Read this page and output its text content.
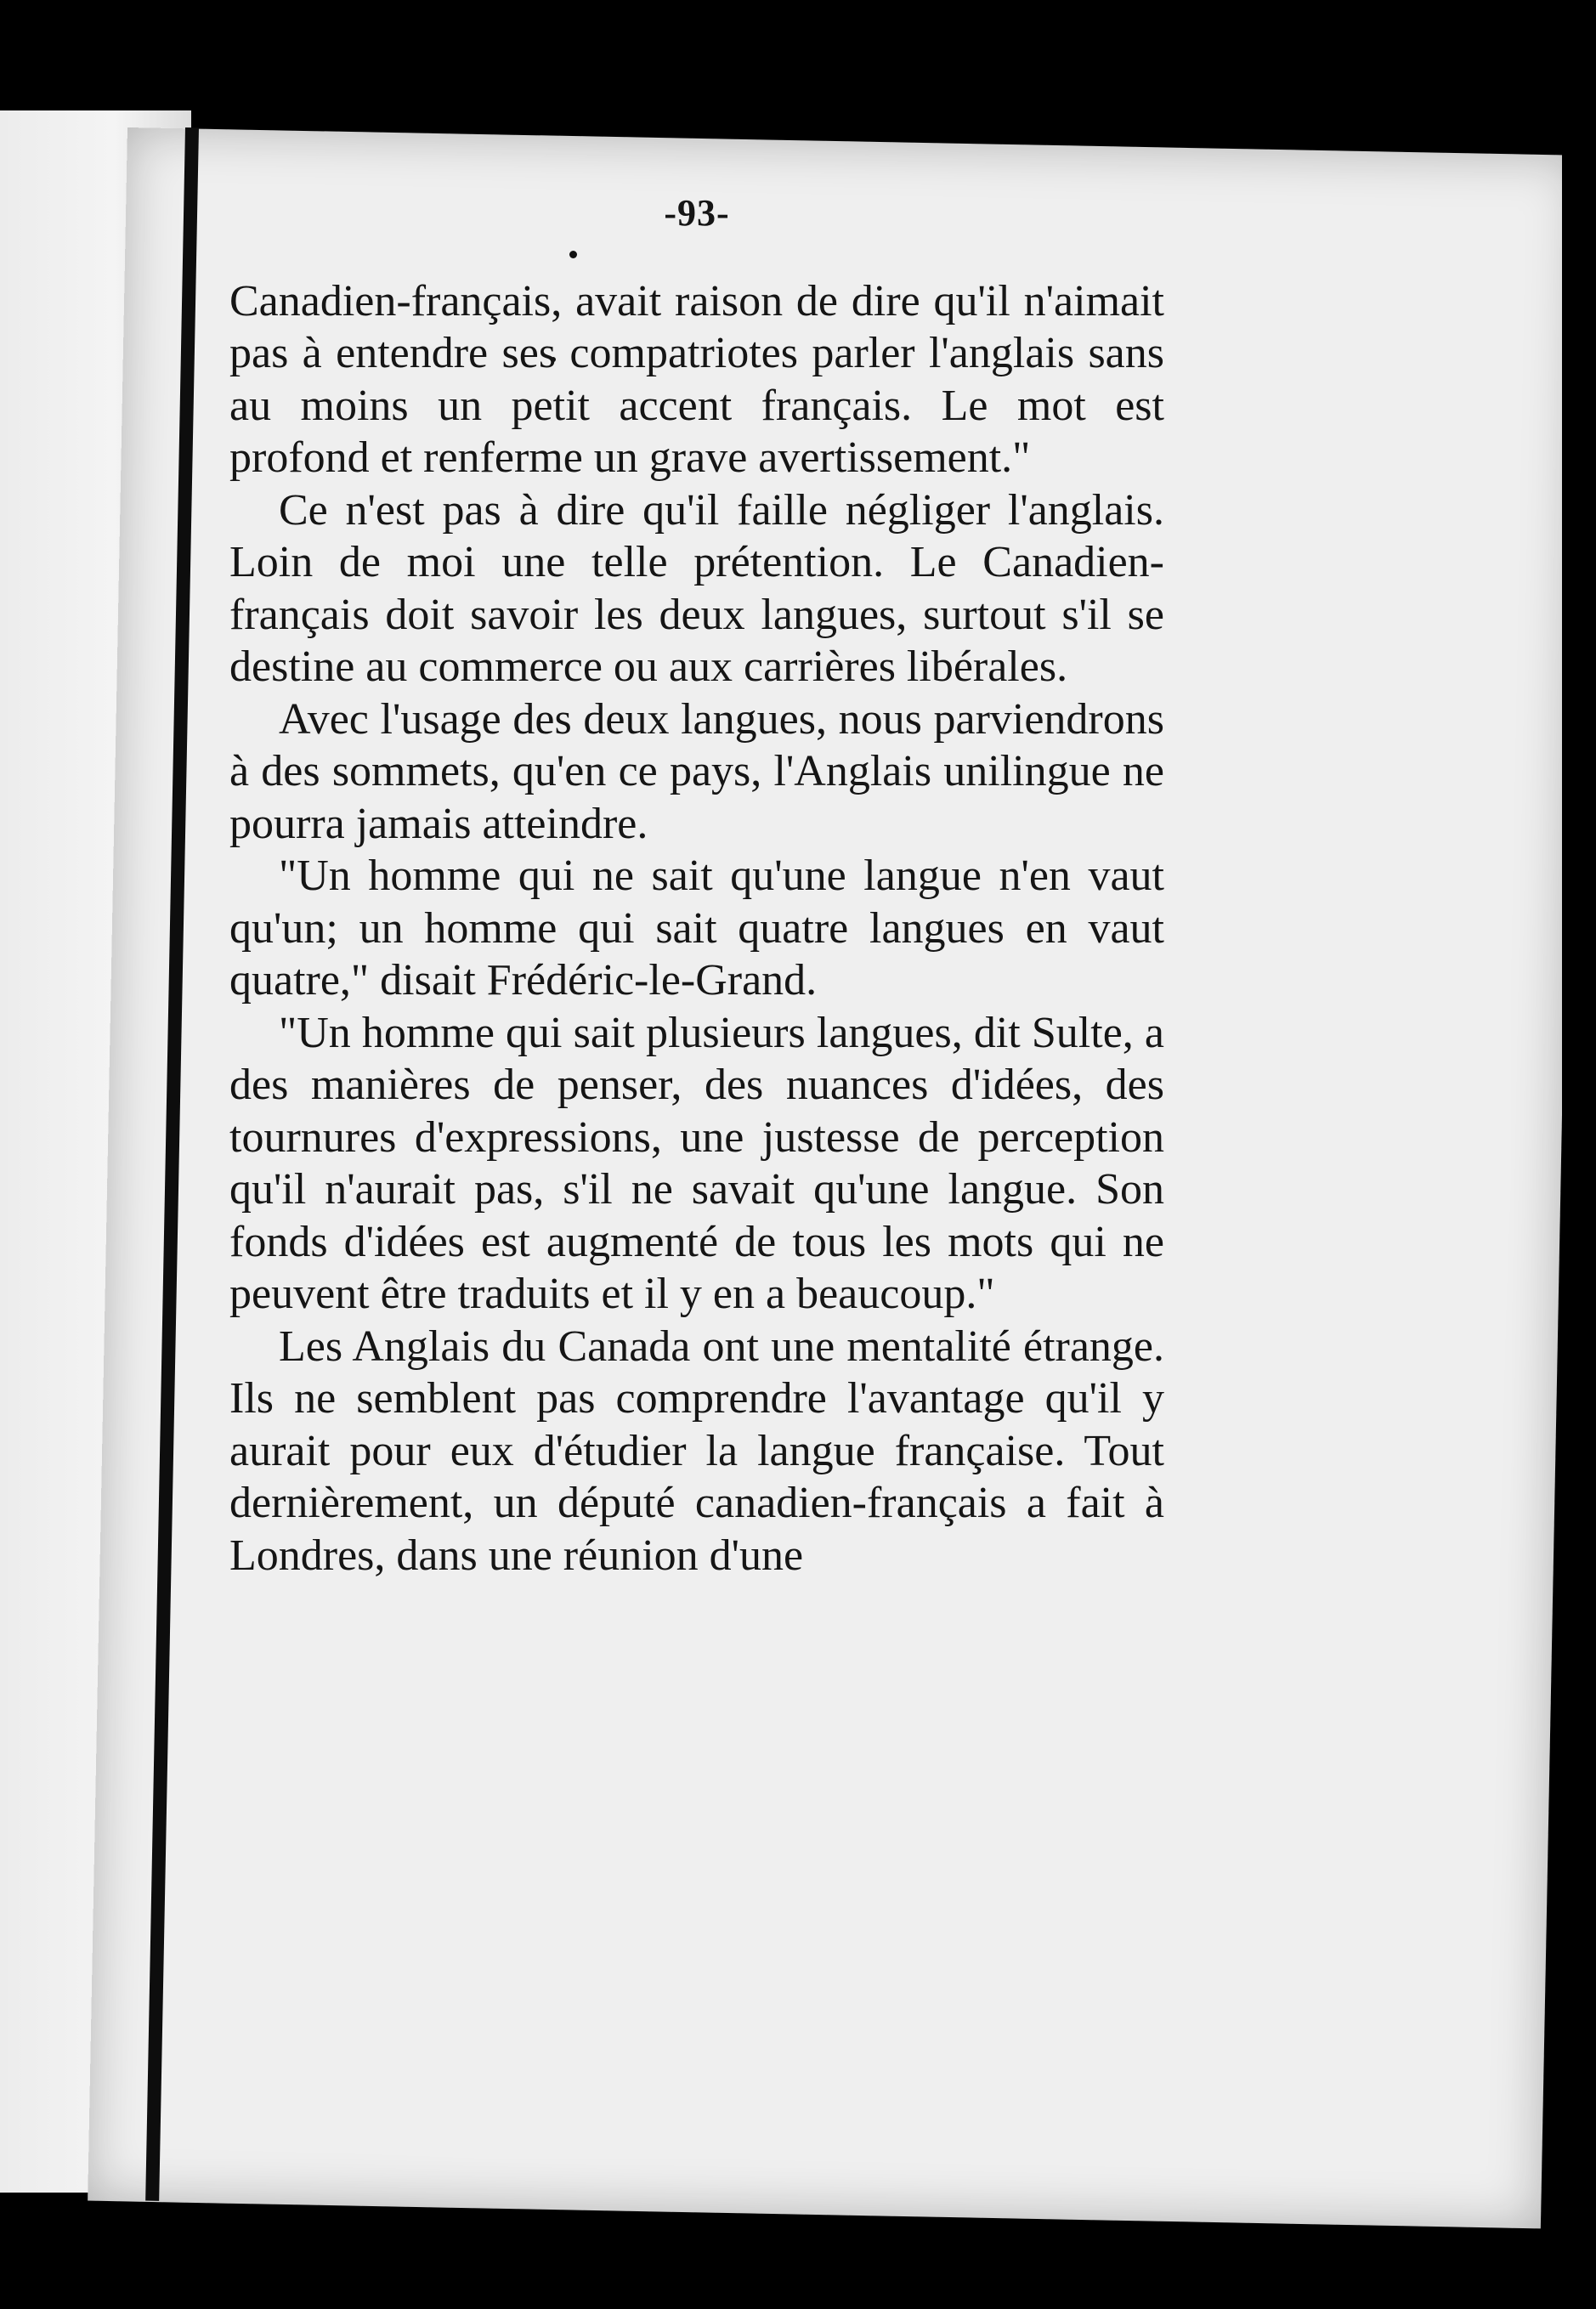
-93-

Canadien-français, avait raison de dire qu'il n'aimait pas à entendre ses compatriotes parler l'anglais sans au moins un petit accent français. Le mot est profond et renferme un grave avertissement."

Ce n'est pas à dire qu'il faille négliger l'anglais. Loin de moi une telle prétention. Le Canadien-français doit savoir les deux langues, surtout s'il se destine au commerce ou aux carrières libérales.

Avec l'usage des deux langues, nous parviendrons à des sommets, qu'en ce pays, l'Anglais unilingue ne pourra jamais atteindre.

"Un homme qui ne sait qu'une langue n'en vaut qu'un; un homme qui sait quatre langues en vaut quatre," disait Frédéric-le-Grand.

"Un homme qui sait plusieurs langues, dit Sulte, a des manières de penser, des nuances d'idées, des tournures d'expressions, une justesse de perception qu'il n'aurait pas, s'il ne savait qu'une langue. Son fonds d'idées est augmenté de tous les mots qui ne peuvent être traduits et il y en a beaucoup."

Les Anglais du Canada ont une mentalité étrange. Ils ne semblent pas comprendre l'avantage qu'il y aurait pour eux d'étudier la langue française. Tout dernièrement, un député canadien-français a fait à Londres, dans une réunion d'une
